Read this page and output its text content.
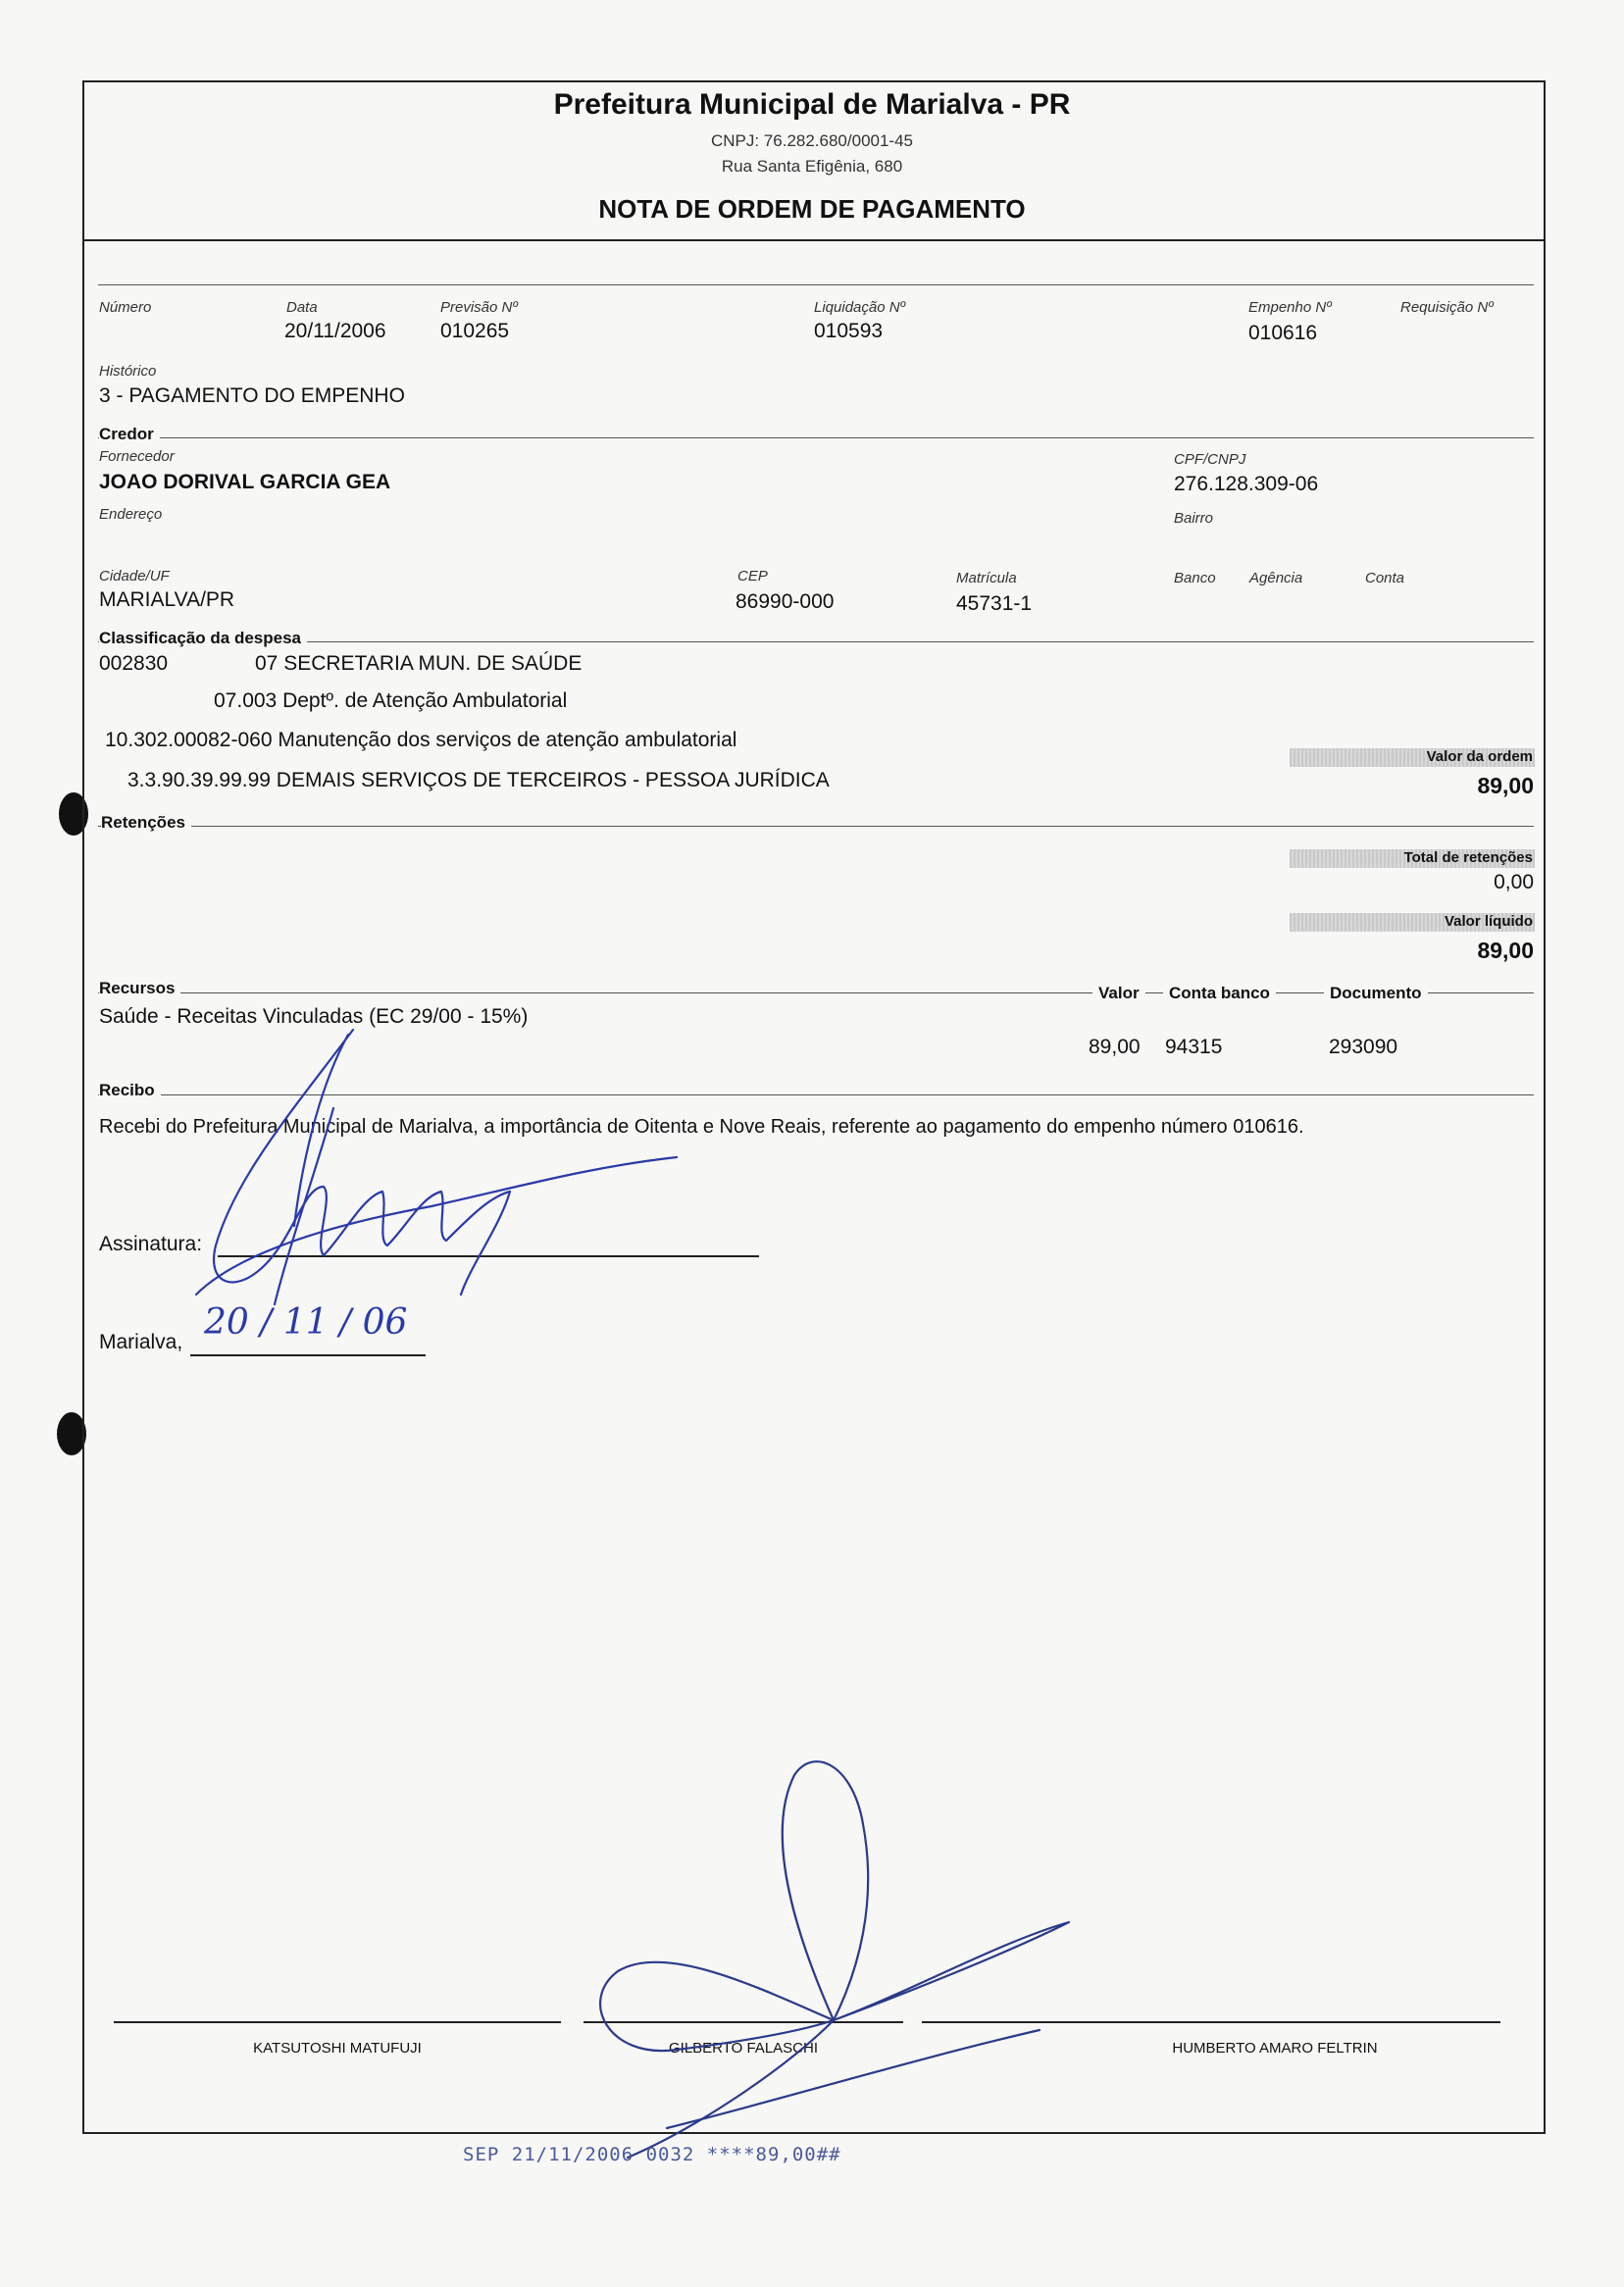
Prefeitura Municipal de Marialva - PR
CNPJ: 76.282.680/0001-45
Rua Santa Efigênia, 680
NOTA DE ORDEM DE PAGAMENTO
Número	Data
20/11/2006
Previsão Nº
010265
Liquidação Nº
010593
Empenho Nº
010616
Requisição Nº
Histórico
3 - PAGAMENTO DO EMPENHO
Credor
Fornecedor
JOAO DORIVAL GARCIA GEA
CPF/CNPJ
276.128.309-06
Endereço	Bairro
Cidade/UF
MARIALVA/PR
CEP
86990-000
Matrícula
45731-1
Banco Agência	Conta
Classificação da despesa
002830	07 SECRETARIA MUN. DE SAÚDE
07.003 Deptº. de Atenção Ambulatorial
10.302.00082-060 Manutenção dos serviços de atenção ambulatorial
3.3.90.39.99.99 DEMAIS SERVIÇOS DE TERCEIROS - PESSOA JURÍDICA
Valor da ordem
89,00
Retenções
Total de retenções
0,00
Valor líquido
89,00
Recursos	Valor	Conta banco	Documento
Saúde - Receitas Vinculadas (EC 29/00 - 15%)
89,00 94315	293090
Recibo
Recebi do Prefeitura Municipal de Marialva, a importância de Oitenta e Nove Reais, referente ao pagamento do empenho número 010616.
Assinatura:
Marialva, 20 / 11 / 06
KATSUTOSHI MATUFUJI	GILBERTO FALASCHI	HUMBERTO AMARO FELTRIN
SEP 21/11/2006 0032 ****89,00##
